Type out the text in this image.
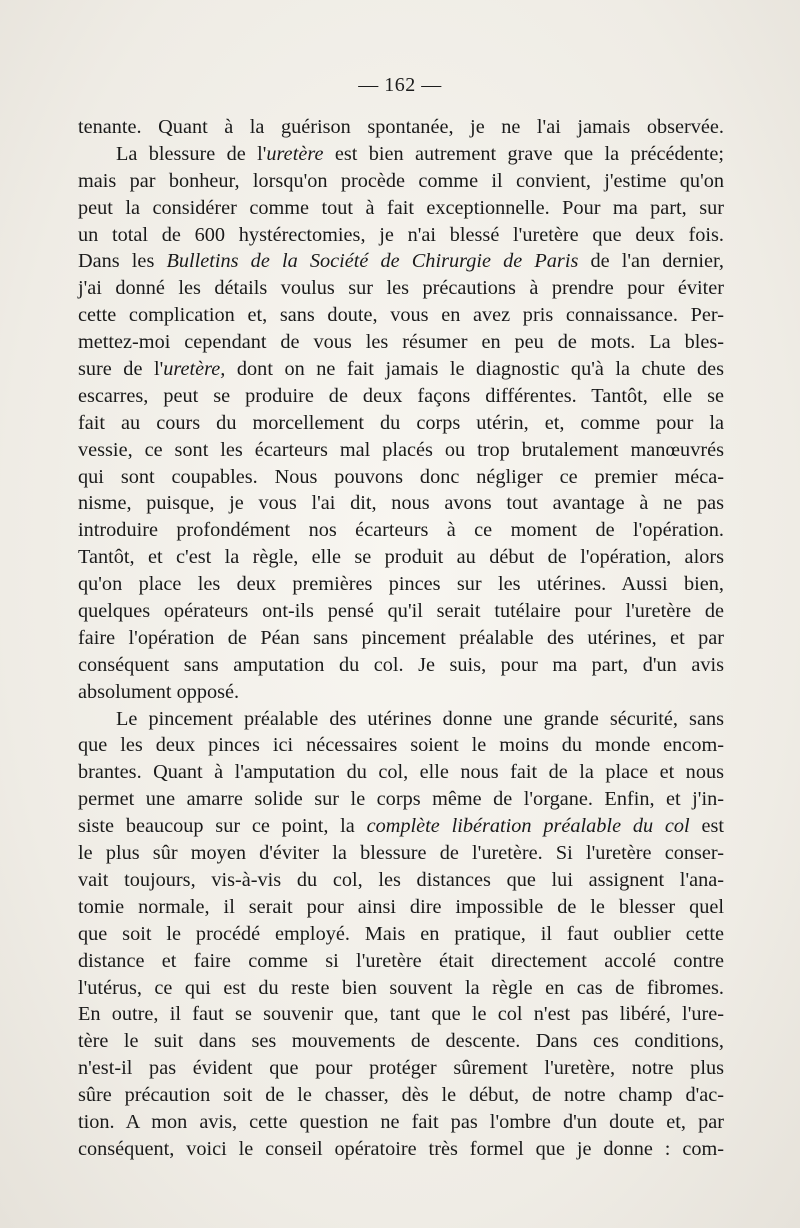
— 162 —
tenante. Quant à la guérison spontanée, je ne l'ai jamais observée.
La blessure de l'uretère est bien autrement grave que la précédente;
mais par bonheur, lorsqu'on procède comme il convient, j'estime qu'on
peut la considérer comme tout à fait exceptionnelle. Pour ma part, sur
un total de 600 hystérectomies, je n'ai blessé l'uretère que deux fois.
Dans les Bulletins de la Société de Chirurgie de Paris de l'an dernier,
j'ai donné les détails voulus sur les précautions à prendre pour éviter
cette complication et, sans doute, vous en avez pris connaissance. Per-
mettez-moi cependant de vous les résumer en peu de mots. La bles-
sure de l'uretère, dont on ne fait jamais le diagnostic qu'à la chute des
escarres, peut se produire de deux façons différentes. Tantôt, elle se
fait au cours du morcellement du corps utérin, et, comme pour la
vessie, ce sont les écarteurs mal placés ou trop brutalement manœuvrés
qui sont coupables. Nous pouvons donc négliger ce premier méca-
nisme, puisque, je vous l'ai dit, nous avons tout avantage à ne pas
introduire profondément nos écarteurs à ce moment de l'opération.
Tantôt, et c'est la règle, elle se produit au début de l'opération, alors
qu'on place les deux premières pinces sur les utérines. Aussi bien,
quelques opérateurs ont-ils pensé qu'il serait tutélaire pour l'uretère de
faire l'opération de Péan sans pincement préalable des utérines, et par
conséquent sans amputation du col. Je suis, pour ma part, d'un avis
absolument opposé.
Le pincement préalable des utérines donne une grande sécurité, sans
que les deux pinces ici nécessaires soient le moins du monde encom-
brantes. Quant à l'amputation du col, elle nous fait de la place et nous
permet une amarre solide sur le corps même de l'organe. Enfin, et j'in-
siste beaucoup sur ce point, la complète libération préalable du col est
le plus sûr moyen d'éviter la blessure de l'uretère. Si l'uretère conser-
vait toujours, vis-à-vis du col, les distances que lui assignent l'ana-
tomie normale, il serait pour ainsi dire impossible de le blesser quel
que soit le procédé employé. Mais en pratique, il faut oublier cette
distance et faire comme si l'uretère était directement accolé contre
l'utérus, ce qui est du reste bien souvent la règle en cas de fibromes.
En outre, il faut se souvenir que, tant que le col n'est pas libéré, l'ure-
tère le suit dans ses mouvements de descente. Dans ces conditions,
n'est-il pas évident que pour protéger sûrement l'uretère, notre plus
sûre précaution soit de le chasser, dès le début, de notre champ d'ac-
tion. A mon avis, cette question ne fait pas l'ombre d'un doute et, par
conséquent, voici le conseil opératoire très formel que je donne : com-
